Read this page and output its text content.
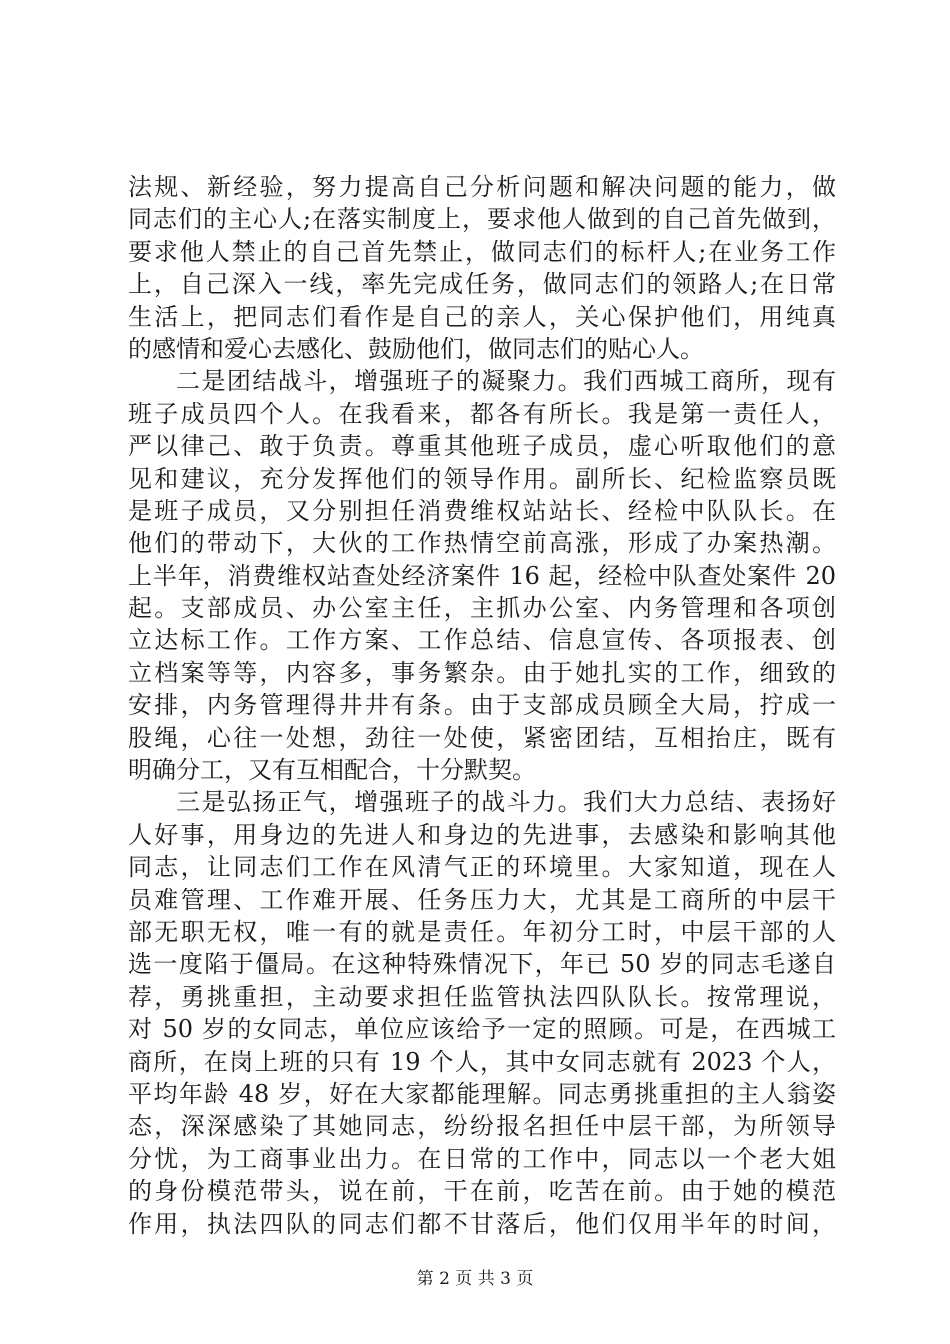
法规、新经验，努力提高自己分析问题和解决问题的能力，做
同志们的主心人;在落实制度上，要求他人做到的自己首先做到，
要求他人禁止的自己首先禁止，做同志们的标杆人;在业务工作
上，自己深入一线，率先完成任务，做同志们的领路人;在日常
生活上，把同志们看作是自己的亲人，关心保护他们，用纯真
的感情和爱心去感化、鼓励他们，做同志们的贴心人。
二是团结战斗，增强班子的凝聚力。我们西城工商所，现有
班子成员四个人。在我看来，都各有所长。我是第一责任人，
严以律己、敢于负责。尊重其他班子成员，虚心听取他们的意
见和建议，充分发挥他们的领导作用。副所长、纪检监察员既
是班子成员，又分别担任消费维权站站长、经检中队队长。在
他们的带动下，大伙的工作热情空前高涨，形成了办案热潮。
上半年，消费维权站查处经济案件 16 起，经检中队查处案件 20
起。支部成员、办公室主任，主抓办公室、内务管理和各项创
立达标工作。工作方案、工作总结、信息宣传、各项报表、创
立档案等等，内容多，事务繁杂。由于她扎实的工作，细致的
安排，内务管理得井井有条。由于支部成员顾全大局，拧成一
股绳，心往一处想，劲往一处使，紧密团结，互相抬庄，既有
明确分工，又有互相配合，十分默契。
三是弘扬正气，增强班子的战斗力。我们大力总结、表扬好
人好事，用身边的先进人和身边的先进事，去感染和影响其他
同志，让同志们工作在风清气正的环境里。大家知道，现在人
员难管理、工作难开展、任务压力大，尤其是工商所的中层干
部无职无权，唯一有的就是责任。年初分工时，中层干部的人
选一度陷于僵局。在这种特殊情况下，年已 50 岁的同志毛遂自
荐，勇挑重担，主动要求担任监管执法四队队长。按常理说，
对 50 岁的女同志，单位应该给予一定的照顾。可是，在西城工
商所，在岗上班的只有 19 个人，其中女同志就有 2023 个人，
平均年龄 48 岁，好在大家都能理解。同志勇挑重担的主人翁姿
态，深深感染了其她同志，纷纷报名担任中层干部，为所领导
分忧，为工商事业出力。在日常的工作中，同志以一个老大姐
的身份模范带头，说在前，干在前，吃苦在前。由于她的模范
作用，执法四队的同志们都不甘落后，他们仅用半年的时间，
第 2 页 共 3 页
